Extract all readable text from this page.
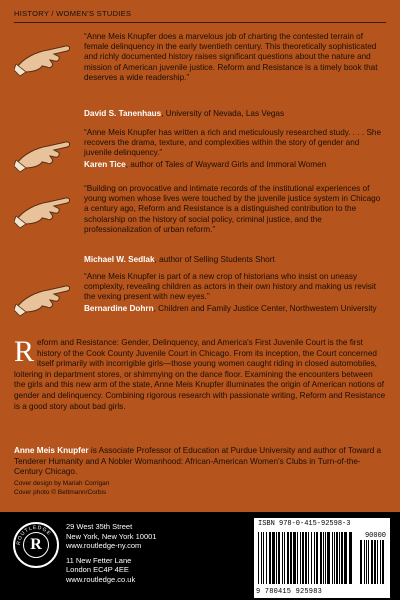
HISTORY / WOMEN'S STUDIES
“Anne Meis Knupfer does a marvelous job of charting the contested terrain of female delinquency in the early twentieth century. This theoretically sophisticated and richly documented history raises significant questions about the nature and mission of American juvenile justice. Reform and Resistance is a timely book that deserves a wide readership.”
David S. Tanenhaus, University of Nevada, Las Vegas
“Anne Meis Knupfer has written a rich and meticulously researched study. . . . She recovers the drama, texture, and complexities within the story of gender and juvenile delinquency.”
Karen Tice, author of Tales of Wayward Girls and Immoral Women
“Building on provocative and intimate records of the institutional experiences of young women whose lives were touched by the juvenile justice system in Chicago a century ago, Reform and Resistance is a distinguished contribution to the scholarship on the history of social policy, criminal justice, and the professionalization of urban reform.”
Michael W. Sedlak, author of Selling Students Short
“Anne Meis Knupfer is part of a new crop of historians who insist on uneasy complexity, revealing children as actors in their own history and making us revisit the vexing present with new eyes.”
Bernardine Dohrn, Children and Family Justice Center, Northwestern University
Reform and Resistance: Gender, Delinquency, and America's First Juvenile Court is the first history of the Cook County Juvenile Court in Chicago. From its inception, the Court concerned itself primarily with incorrigible girls—those young women caught riding in closed automobiles, loitering in department stores, or shimmying on the dance floor. Examining the encounters between the girls and this new arm of the state, Anne Meis Knupfer illuminates the origin of American notions of gender and delinquency. Combining rigorous research with passionate writing, Reform and Resistance is a good story about bad girls.
Anne Meis Knupfer is Associate Professor of Education at Purdue University and author of Toward a Tenderer Humanity and A Nobler Womanhood: African-American Women's Clubs in Turn-of-the-Century Chicago.
Cover design by Mariah Corrigan
Cover photo © Bettmann/Corbis
ROUTLEDGE
R
29 West 35th Street
New York, New York 10001
www.routledge-ny.com
11 New Fetter Lane
London EC4P 4EE
www.routledge.co.uk
ISBN 978-0-415-92598-3
90000
9 780415 925983
